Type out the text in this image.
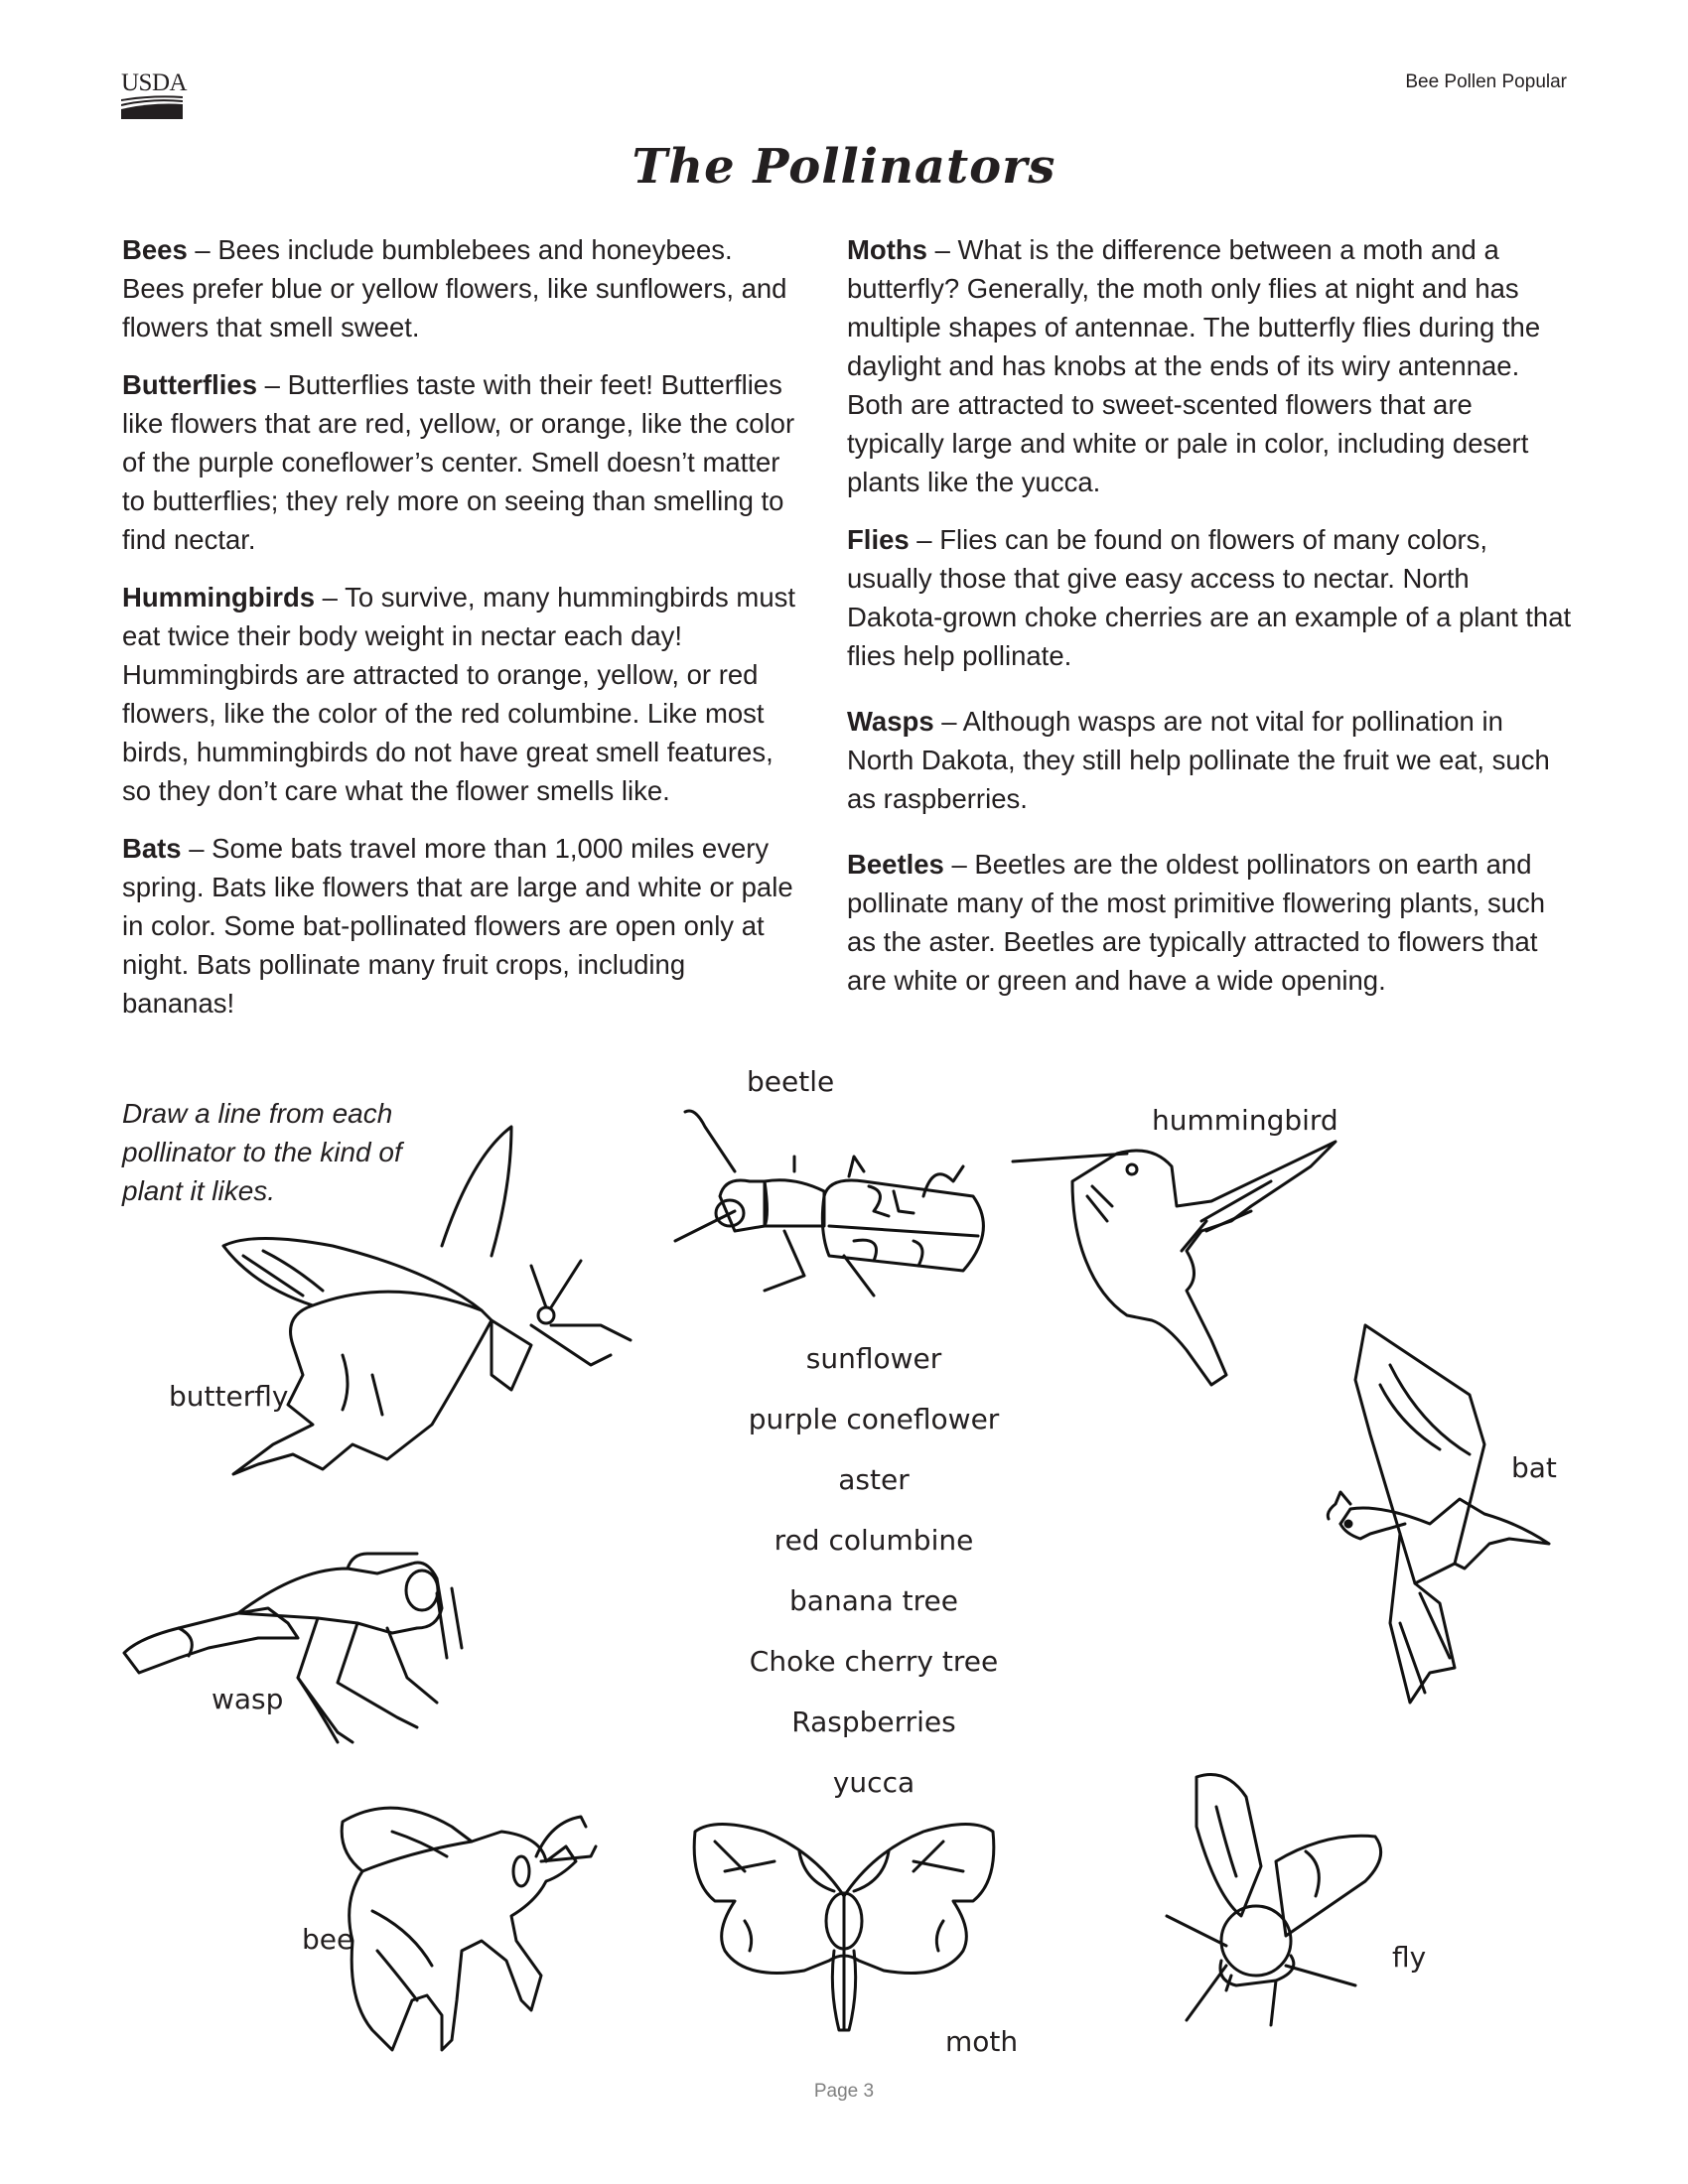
USDA	Bee Pollen Popular
The Pollinators

Bees – Bees include bumblebees and honeybees. Bees prefer blue or yellow flowers, like sunflowers, and flowers that smell sweet.

Butterflies – Butterflies taste with their feet! Butterflies like flowers that are red, yellow, or orange, like the color of the purple coneflower’s center. Smell doesn’t matter to butterflies; they rely more on seeing than smelling to find nectar.

Hummingbirds – To survive, many hummingbirds must eat twice their body weight in nectar each day! Hummingbirds are attracted to orange, yellow, or red flowers, like the color of the red columbine. Like most birds, hummingbirds do not have great smell features, so they don’t care what the flower smells like.

Bats – Some bats travel more than 1,000 miles every spring. Bats like flowers that are large and white or pale in color. Some bat-pollinated flowers are open only at night. Bats pollinate many fruit crops, including bananas!

Moths – What is the difference between a moth and a butterfly? Generally, the moth only flies at night and has multiple shapes of antennae. The butterfly flies during the daylight and has knobs at the ends of its wiry antennae. Both are attracted to sweet-scented flowers that are typically large and white or pale in color, including desert plants like the yucca.

Flies – Flies can be found on flowers of many colors, usually those that give easy access to nectar. North Dakota-grown choke cherries are an example of a plant that flies help pollinate.

Wasps – Although wasps are not vital for pollination in North Dakota, they still help pollinate the fruit we eat, such as raspberries.

Beetles – Beetles are the oldest pollinators on earth and pollinate many of the most primitive flowering plants, such as the aster. Beetles are typically attracted to flowers that are white or green and have a wide opening.

Draw a line from each pollinator to the kind of plant it likes.
beetle
hummingbird
butterfly
bat
wasp
bee
moth
fly
sunflower
purple coneflower
aster
red columbine
banana tree
Choke cherry tree
Raspberries
yucca
Page 3
